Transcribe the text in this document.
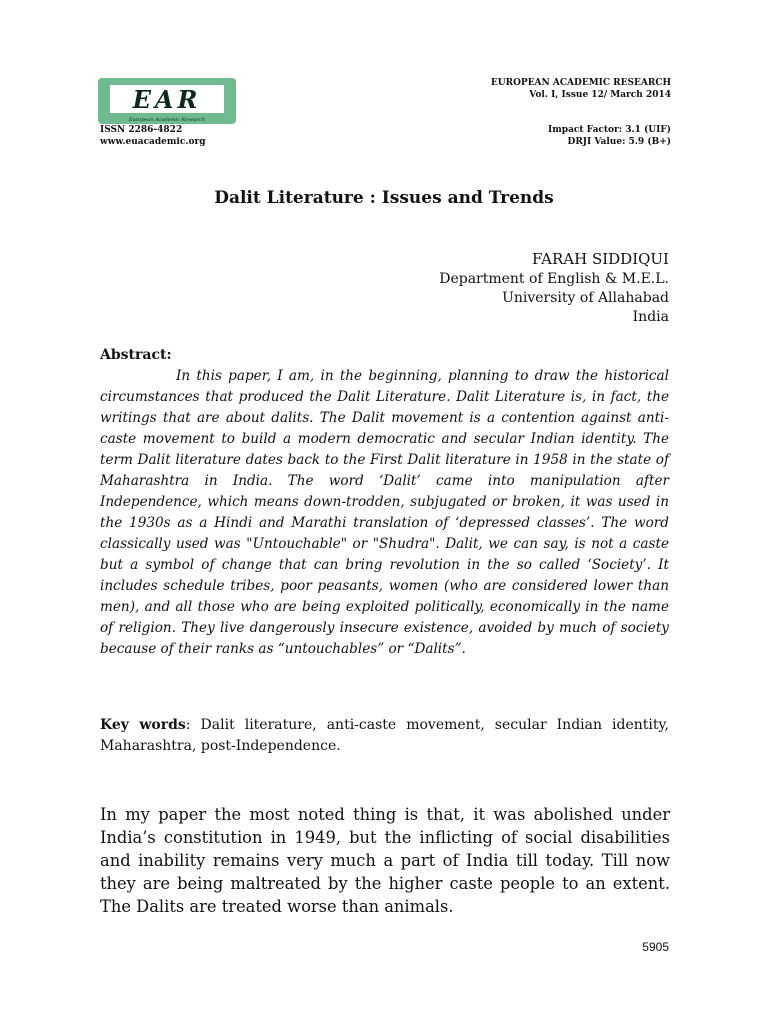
EAR
European Academic Research
ISSN 2286-4822
www.euacademic.org
EUROPEAN ACADEMIC RESEARCH
Vol. I, Issue 12/ March 2014
Impact Factor: 3.1 (UIF)
DRJI Value: 5.9 (B+)
Dalit Literature : Issues and Trends
FARAH SIDDIQUI
Department of English & M.E.L.
University of Allahabad
India
Abstract:
In this paper, I am, in the beginning, planning to draw the historical circumstances that produced the Dalit Literature. Dalit Literature is, in fact, the writings that are about dalits. The Dalit movement is a contention against anti-caste movement to build a modern democratic and secular Indian identity. The term Dalit literature dates back to the First Dalit literature in 1958 in the state of Maharashtra in India. The word ‘Dalit’ came into manipulation after Independence, which means down-trodden, subjugated or broken, it was used in the 1930s as a Hindi and Marathi translation of ‘depressed classes’. The word classically used was "Untouchable" or "Shudra". Dalit, we can say, is not a caste but a symbol of change that can bring revolution in the so called ‘Society’. It includes schedule tribes, poor peasants, women (who are considered lower than men), and all those who are being exploited politically, economically in the name of religion. They live dangerously insecure existence, avoided by much of society because of their ranks as “untouchables” or “Dalits”.
Key words: Dalit literature, anti-caste movement, secular Indian identity, Maharashtra, post-Independence.
In my paper the most noted thing is that, it was abolished under India’s constitution in 1949, but the inflicting of social disabilities and inability remains very much a part of India till today. Till now they are being maltreated by the higher caste people to an extent. The Dalits are treated worse than animals.
5905
